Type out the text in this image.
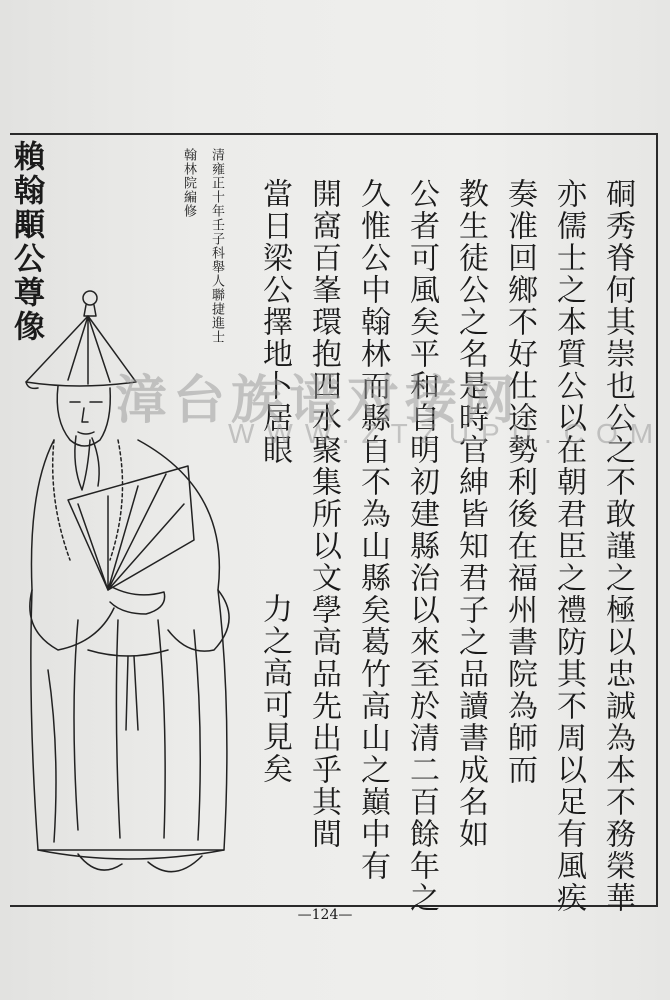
賴翰顒公尊像	清雍正十年壬子科舉人聯捷進士
翰林院編修	硐秀脊何其崇也公之不敢謹之極以忠誠為本不務榮華
亦儒士之本質公以在朝君臣之禮防其不周以足有風疾
奏准回鄉不好仕途勢利後在福州書院為師而
教生徒公之名是時官紳皆知君子之品讀書成名如
公者可風矣平和自明初建縣治以來至於清二百餘年之
久惟公中翰林而縣自不為山縣矣葛竹高山之巔中有
開窩百峯環抱四水聚集所以文學高品先出乎其間
當日梁公擇地卜居眼
力之高可見矣
漳台族谱对接网
WWW.ZTZUPU.COM
—124—
